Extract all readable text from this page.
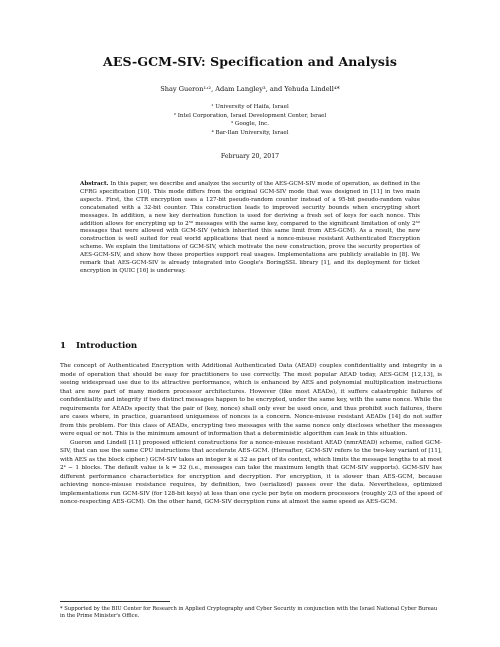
AES-GCM-SIV: Specification and Analysis
Shay Gueron¹ʴ², Adam Langley³, and Yehuda Lindell⁴*
¹ University of Haifa, Israel
² Intel Corporation, Israel Development Center, Israel
³ Google, Inc.
⁴ Bar-Ilan University, Israel
February 20, 2017
Abstract. In this paper, we describe and analyze the security of the AES-GCM-SIV mode of operation, as defined in the CFRG specification [10]. This mode differs from the original GCM-SIV mode that was designed in [11] in two main aspects. First, the CTR encryption uses a 127-bit pseudo-random counter instead of a 95-bit pseudo-random value concatenated with a 32-bit counter. This construction leads to improved security bounds when encrypting short messages. In addition, a new key derivation function is used for deriving a fresh set of keys for each nonce. This addition allows for encrypting up to 2⁵⁰ messages with the same key, compared to the significant limitation of only 2³² messages that were allowed with GCM-SIV (which inherited this same limit from AES-GCM). As a result, the new construction is well suited for real world applications that need a nonce-misuse resistant Authenticated Encryption scheme. We explain the limitations of GCM-SIV, which motivate the new construction, prove the security properties of AES-GCM-SIV, and show how these properties support real usages. Implementations are publicly available in [8]. We remark that AES-GCM-SIV is already integrated into Google's BoringSSL library [1], and its deployment for ticket encryption in QUIC [16] is underway.
1 Introduction

The concept of Authenticated Encryption with Additional Authenticated Data (AEAD) couples confidentiality and integrity in a mode of operation that should be easy for practitioners to use correctly. The most popular AEAD today, AES-GCM [12,13], is seeing widespread use due to its attractive performance, which is enhanced by AES and polynomial multiplication instructions that are now part of many modern processor architectures. However (like most AEADs), it suffers catastrophic failures of confidentiality and integrity if two distinct messages happen to be encrypted, under the same key, with the same nonce. While the requirements for AEADs specify that the pair of (key, nonce) shall only ever be used once, and thus prohibit such failures, there are cases where, in practice, guaranteed uniqueness of nonces is a concern. Nonce-misuse resistant AEADs [14] do not suffer from this problem. For this class of AEADs, encrypting two messages with the same nonce only discloses whether the messages were equal or not. This is the minimum amount of information that a deterministic algorithm can leak in this situation.

Gueron and Lindell [11] proposed efficient constructions for a nonce-misuse resistant AEAD (nmrAEAD) scheme, called GCM-SIV, that can use the same CPU instructions that accelerate AES-GCM. (Hereafter, GCM-SIV refers to the two-key variant of [11], with AES as the block cipher.) GCM-SIV takes an integer k ≤ 32 as part of its context, which limits the message lengths to at most 2ᵏ − 1 blocks. The default value is k = 32 (i.e., messages can take the maximum length that GCM-SIV supports). GCM-SIV has different performance characteristics for encryption and decryption. For encryption, it is slower than AES-GCM, because achieving nonce-misuse resistance requires, by definition, two (serialized) passes over the data. Nevertheless, optimized implementations run GCM-SIV (for 128-bit keys) at less than one cycle per byte on modern processors (roughly 2/3 of the speed of nonce-respecting AES-GCM). On the other hand, GCM-SIV decryption runs at almost the same speed as AES-GCM.

* Supported by the BIU Center for Research in Applied Cryptography and Cyber Security in conjunction with the Israel National Cyber Bureau in the Prime Minister's Office.
